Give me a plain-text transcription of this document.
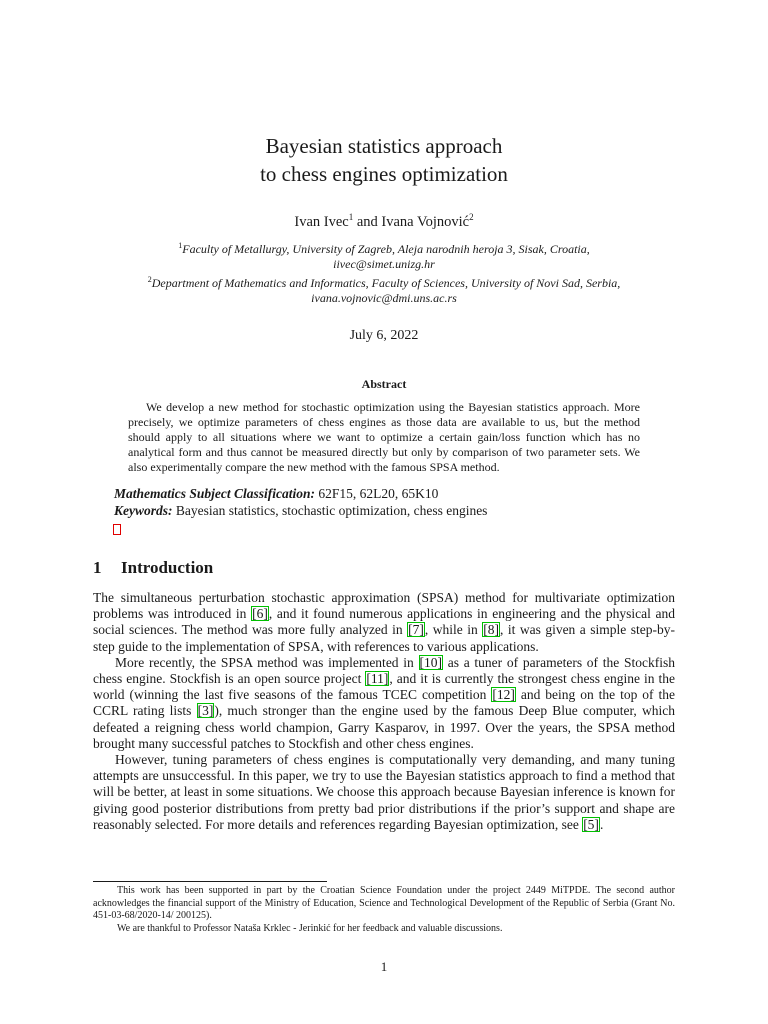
Bayesian statistics approach
to chess engines optimization
Ivan Ivec$^1$ and Ivana Vojnović$^2$
$^1$Faculty of Metallurgy, University of Zagreb, Aleja narodnih heroja 3, Sisak, Croatia,
iivec@simet.unizg.hr
$^2$Department of Mathematics and Informatics, Faculty of Sciences, University of Novi Sad, Serbia,
ivana.vojnovic@dmi.uns.ac.rs
July 6, 2022
Abstract
We develop a new method for stochastic optimization using the Bayesian statistics approach. More precisely, we optimize parameters of chess engines as those data are available to us, but the method should apply to all situations where we want to optimize a certain gain/loss function which has no analytical form and thus cannot be measured directly but only by comparison of two parameter sets. We also experimentally compare the new method with the famous SPSA method.
Mathematics Subject Classification: 62F15, 62L20, 65K10
Keywords: Bayesian statistics, stochastic optimization, chess engines
1 Introduction

The simultaneous perturbation stochastic approximation (SPSA) method for multivariate optimization problems was introduced in [6], and it found numerous applications in engineering and the physical and social sciences. The method was more fully analyzed in [7], while in [8], it was given a simple step-by-step guide to the implementation of SPSA, with references to various applications.

More recently, the SPSA method was implemented in [10] as a tuner of parameters of the Stockfish chess engine. Stockfish is an open source project [11], and it is currently the strongest chess engine in the world (winning the last five seasons of the famous TCEC competition [12] and being on the top of the CCRL rating lists [3]), much stronger than the engine used by the famous Deep Blue computer, which defeated a reigning chess world champion, Garry Kasparov, in 1997. Over the years, the SPSA method brought many successful patches to Stockfish and other chess engines.

However, tuning parameters of chess engines is computationally very demanding, and many tuning attempts are unsuccessful. In this paper, we try to use the Bayesian statistics approach to find a method that will be better, at least in some situations. We choose this approach because Bayesian inference is known for giving good posterior distributions from pretty bad prior distributions if the prior’s support and shape are reasonably selected. For more details and references regarding Bayesian optimization, see [5].

This work has been supported in part by the Croatian Science Foundation under the project 2449 MiTPDE. The second author acknowledges the financial support of the Ministry of Education, Science and Technological Development of the Republic of Serbia (Grant No. 451-03-68/2020-14/ 200125).

We are thankful to Professor Nataša Krklec - Jerinkić for her feedback and valuable discussions.

1
